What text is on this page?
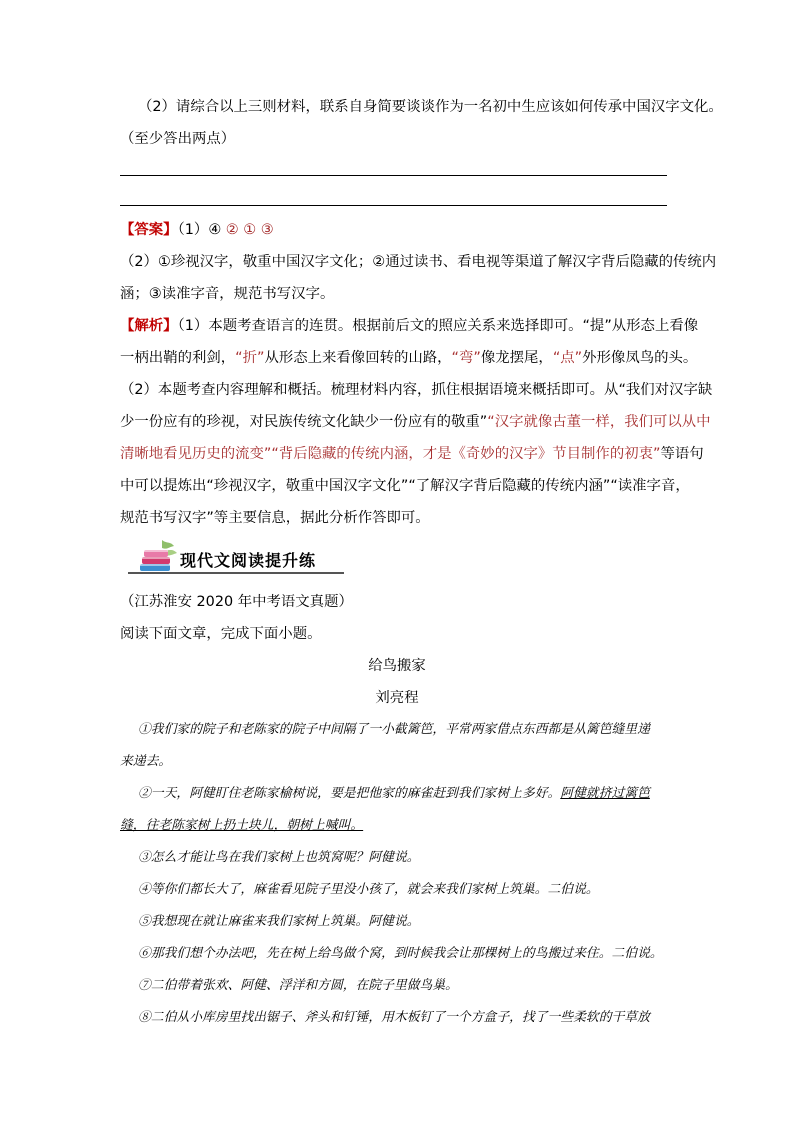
（2）请综合以上三则材料，联系自身简要谈谈作为一名初中生应该如何传承中国汉字文化。
（至少答出两点）
【答案】（1）④ ② ① ③
（2）①珍视汉字，敬重中国汉字文化；②通过读书、看电视等渠道了解汉字背后隐藏的传统内
涵；③读准字音，规范书写汉字。
【解析】（1）本题考查语言的连贯。根据前后文的照应关系来选择即可。“提”从形态上看像
一柄出鞘的利剑，“折”从形态上来看像回转的山路，“弯”像龙摆尾，“点”外形像凤鸟的头。
（2）本题考查内容理解和概括。梳理材料内容，抓住根据语境来概括即可。从“我们对汉字缺
少一份应有的珍视，对民族传统文化缺少一份应有的敬重”“汉字就像古董一样，我们可以从中
清晰地看见历史的流变”“背后隐藏的传统内涵，才是《奇妙的汉字》节目制作的初衷”等语句
中可以提炼出“珍视汉字，敬重中国汉字文化”“了解汉字背后隐藏的传统内涵”“读准字音，
规范书写汉字”等主要信息，据此分析作答即可。
现代文阅读提升练
（江苏淮安 2020 年中考语文真题）
阅读下面文章，完成下面小题。
给鸟搬家
刘亮程
①我们家的院子和老陈家的院子中间隔了一小截篱笆，平常两家借点东西都是从篱笆缝里递
来递去。
②一天，阿健盯住老陈家榆树说，要是把他家的麻雀赶到我们家树上多好。阿健就挤过篱笆
缝，往老陈家树上扔土块儿，朝树上喊叫。
③怎么才能让鸟在我们家树上也筑窝呢？阿健说。
④等你们都长大了，麻雀看见院子里没小孩了，就会来我们家树上筑巢。二伯说。
⑤我想现在就让麻雀来我们家树上筑巢。阿健说。
⑥那我们想个办法吧，先在树上给鸟做个窝，到时候我会让那棵树上的鸟搬过来住。二伯说。
⑦二伯带着张欢、阿健、浮洋和方圆，在院子里做鸟巢。
⑧二伯从小库房里找出锯子、斧头和钉锤，用木板钉了一个方盒子，找了一些柔软的干草放
